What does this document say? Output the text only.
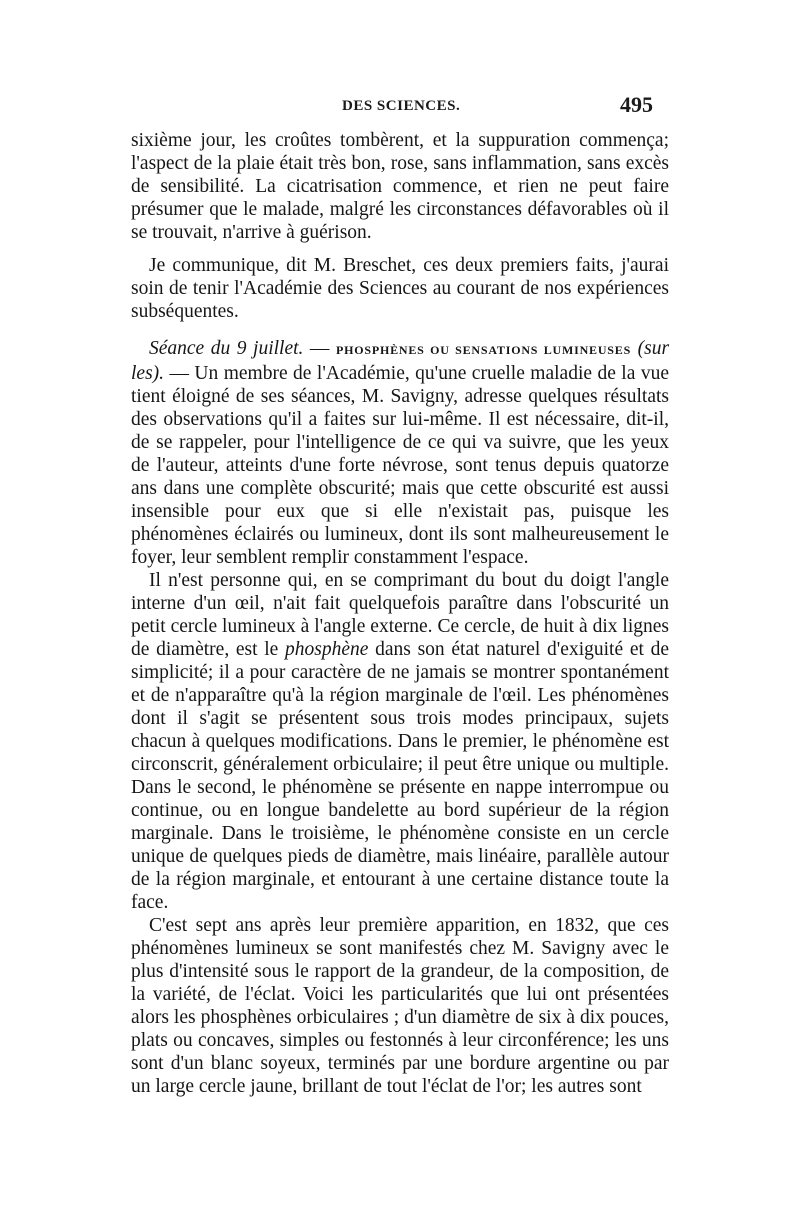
DES SCIENCES.	495

sixième jour, les croûtes tombèrent, et la suppuration commença; l'aspect de la plaie était très bon, rose, sans inflammation, sans excès de sensibilité. La cicatrisation commence, et rien ne peut faire présumer que le malade, malgré les circonstances défavorables où il se trouvait, n'arrive à guérison.

Je communique, dit M. Breschet, ces deux premiers faits, j'aurai soin de tenir l'Académie des Sciences au courant de nos expériences subséquentes.

Séance du 9 juillet. — PHOSPHÈNES OU SENSATIONS LUMINEUSES (sur les). — Un membre de l'Académie, qu'une cruelle maladie de la vue tient éloigné de ses séances, M. Savigny, adresse quelques résultats des observations qu'il a faites sur lui-même. Il est nécessaire, dit-il, de se rappeler, pour l'intelligence de ce qui va suivre, que les yeux de l'auteur, atteints d'une forte névrose, sont tenus depuis quatorze ans dans une complète obscurité; mais que cette obscurité est aussi insensible pour eux que si elle n'existait pas, puisque les phénomènes éclairés ou lumineux, dont ils sont malheureusement le foyer, leur semblent remplir constamment l'espace.

Il n'est personne qui, en se comprimant du bout du doigt l'angle interne d'un œil, n'ait fait quelquefois paraître dans l'obscurité un petit cercle lumineux à l'angle externe. Ce cercle, de huit à dix lignes de diamètre, est le phosphène dans son état naturel d'exiguité et de simplicité; il a pour caractère de ne jamais se montrer spontanément et de n'apparaître qu'à la région marginale de l'œil. Les phénomènes dont il s'agit se présentent sous trois modes principaux, sujets chacun à quelques modifications. Dans le premier, le phénomène est circonscrit, généralement orbiculaire; il peut être unique ou multiple. Dans le second, le phénomène se présente en nappe interrompue ou continue, ou en longue bandelette au bord supérieur de la région marginale. Dans le troisième, le phénomène consiste en un cercle unique de quelques pieds de diamètre, mais linéaire, parallèle autour de la région marginale, et entourant à une certaine distance toute la face.

C'est sept ans après leur première apparition, en 1832, que ces phénomènes lumineux se sont manifestés chez M. Savigny avec le plus d'intensité sous le rapport de la grandeur, de la composition, de la variété, de l'éclat. Voici les particularités que lui ont présentées alors les phosphènes orbiculaires ; d'un diamètre de six à dix pouces, plats ou concaves, simples ou festonnés à leur circonférence; les uns sont d'un blanc soyeux, terminés par une bordure argentine ou par un large cercle jaune, brillant de tout l'éclat de l'or; les autres sont
